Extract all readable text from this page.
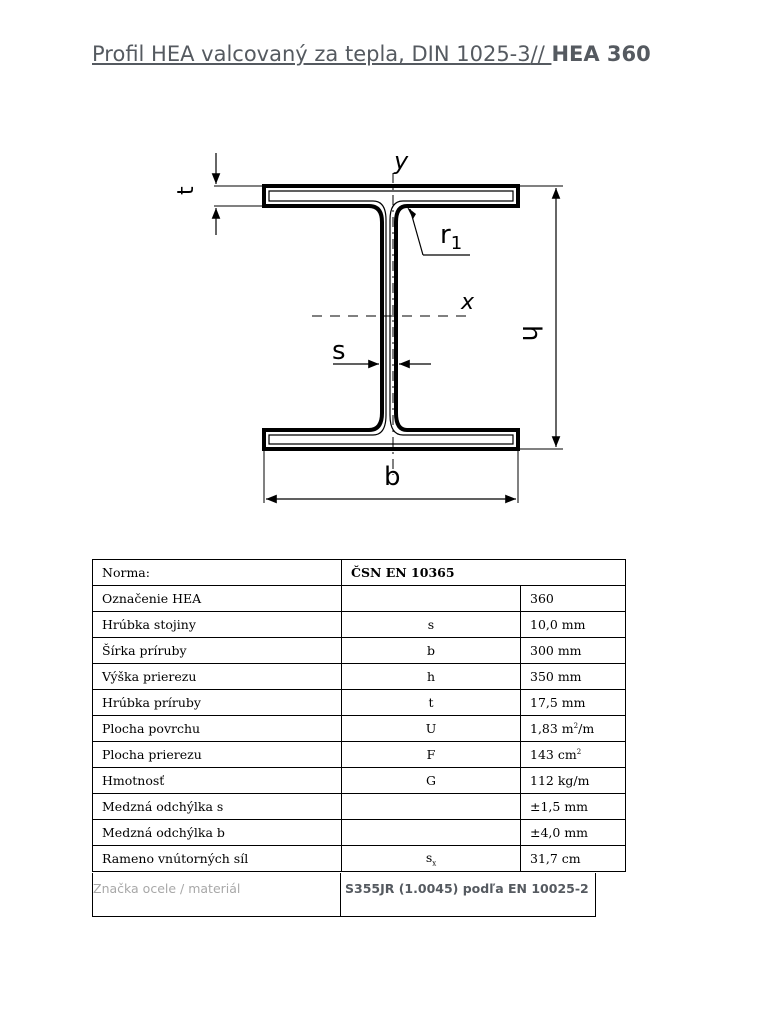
Profil HEA valcovaný za tepla, DIN 1025-3// HEA 360
y
x
$r_1$
h
b
s
t
Norma:	ČSN EN 10365	
Označenie HEA		360
Hrúbka stojiny	s	10,0 mm
Šírka príruby	b	300 mm
Výška prierezu	h	350 mm
Hrúbka príruby	t	17,5 mm
Plocha povrchu	U	1,83 $m^2/m$
Plocha prierezu	F	143 $cm^2$
Hmotnosť	G	112 kg/m
Medzná odchýlka s		±1,5 mm
Medzná odchýlka b		±4,0 mm
Rameno vnútorných síl	$s_x$	31,7 cm
Značka ocele / materiál	S355JR (1.0045) podľa EN 10025-2
